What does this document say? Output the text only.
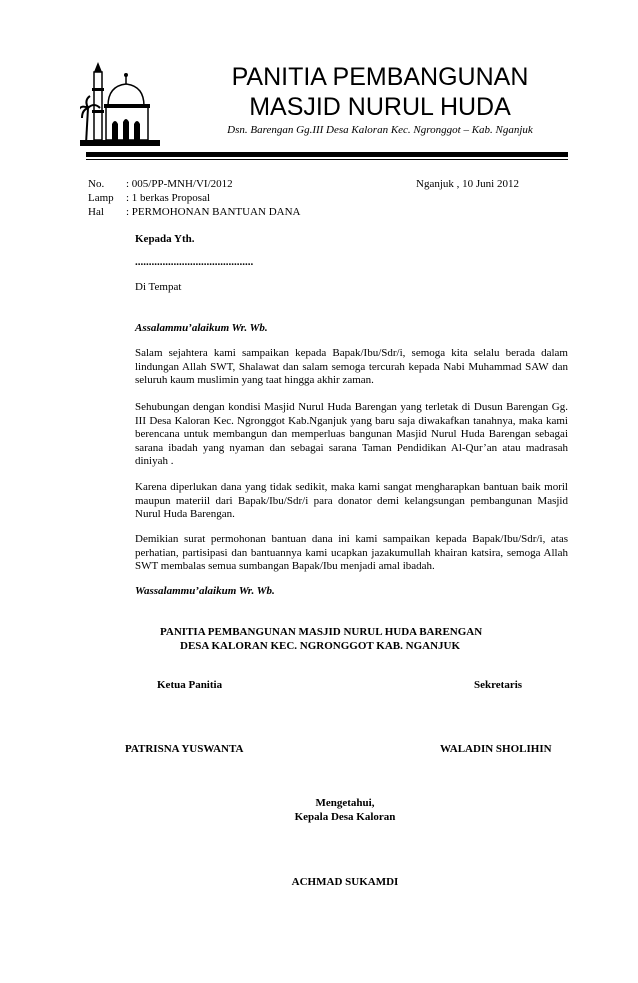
PANITIA PEMBANGUNAN
MASJID NURUL HUDA
Dsn. Barengan Gg.III Desa Kaloran Kec. Ngronggot – Kab. Nganjuk
No. : 005/PP-MNH/VI/2012	Nganjuk , 10 Juni 2012
Lamp : 1 berkas Proposal
Hal : PERMOHONAN BANTUAN DANA
Kepada Yth.
...........................................
Di Tempat
Assalammu’alaikum Wr. Wb.
Salam sejahtera kami sampaikan kepada Bapak/Ibu/Sdr/i, semoga kita selalu berada dalam lindungan Allah SWT, Shalawat dan salam semoga tercurah kepada Nabi Muhammad SAW dan seluruh kaum muslimin yang taat hingga akhir zaman.
Sehubungan dengan kondisi Masjid Nurul Huda Barengan yang terletak di Dusun Barengan Gg. III Desa Kaloran Kec. Ngronggot Kab.Nganjuk yang baru saja diwakafkan tanahnya, maka kami berencana untuk membangun dan memperluas bangunan Masjid Nurul Huda Barengan sebagai sarana ibadah yang nyaman dan sebagai sarana Taman Pendidikan Al-Qur’an atau madrasah diniyah .
Karena diperlukan dana yang tidak sedikit, maka kami sangat mengharapkan bantuan baik moril maupun materiil dari Bapak/Ibu/Sdr/i para donator demi kelangsungan pembangunan Masjid Nurul Huda Barengan.
Demikian surat permohonan bantuan dana ini kami sampaikan kepada Bapak/Ibu/Sdr/i, atas perhatian, partisipasi dan bantuannya kami ucapkan jazakumullah khairan katsira, semoga Allah SWT membalas semua sumbangan Bapak/Ibu menjadi amal ibadah.
Wassalammu’alaikum Wr. Wb.
PANITIA PEMBANGUNAN MASJID NURUL HUDA BARENGAN
DESA KALORAN KEC. NGRONGGOT KAB. NGANJUK
Ketua Panitia	Sekretaris
PATRISNA YUSWANTA	WALADIN SHOLIHIN
Mengetahui,
Kepala Desa Kaloran
ACHMAD SUKAMDI
